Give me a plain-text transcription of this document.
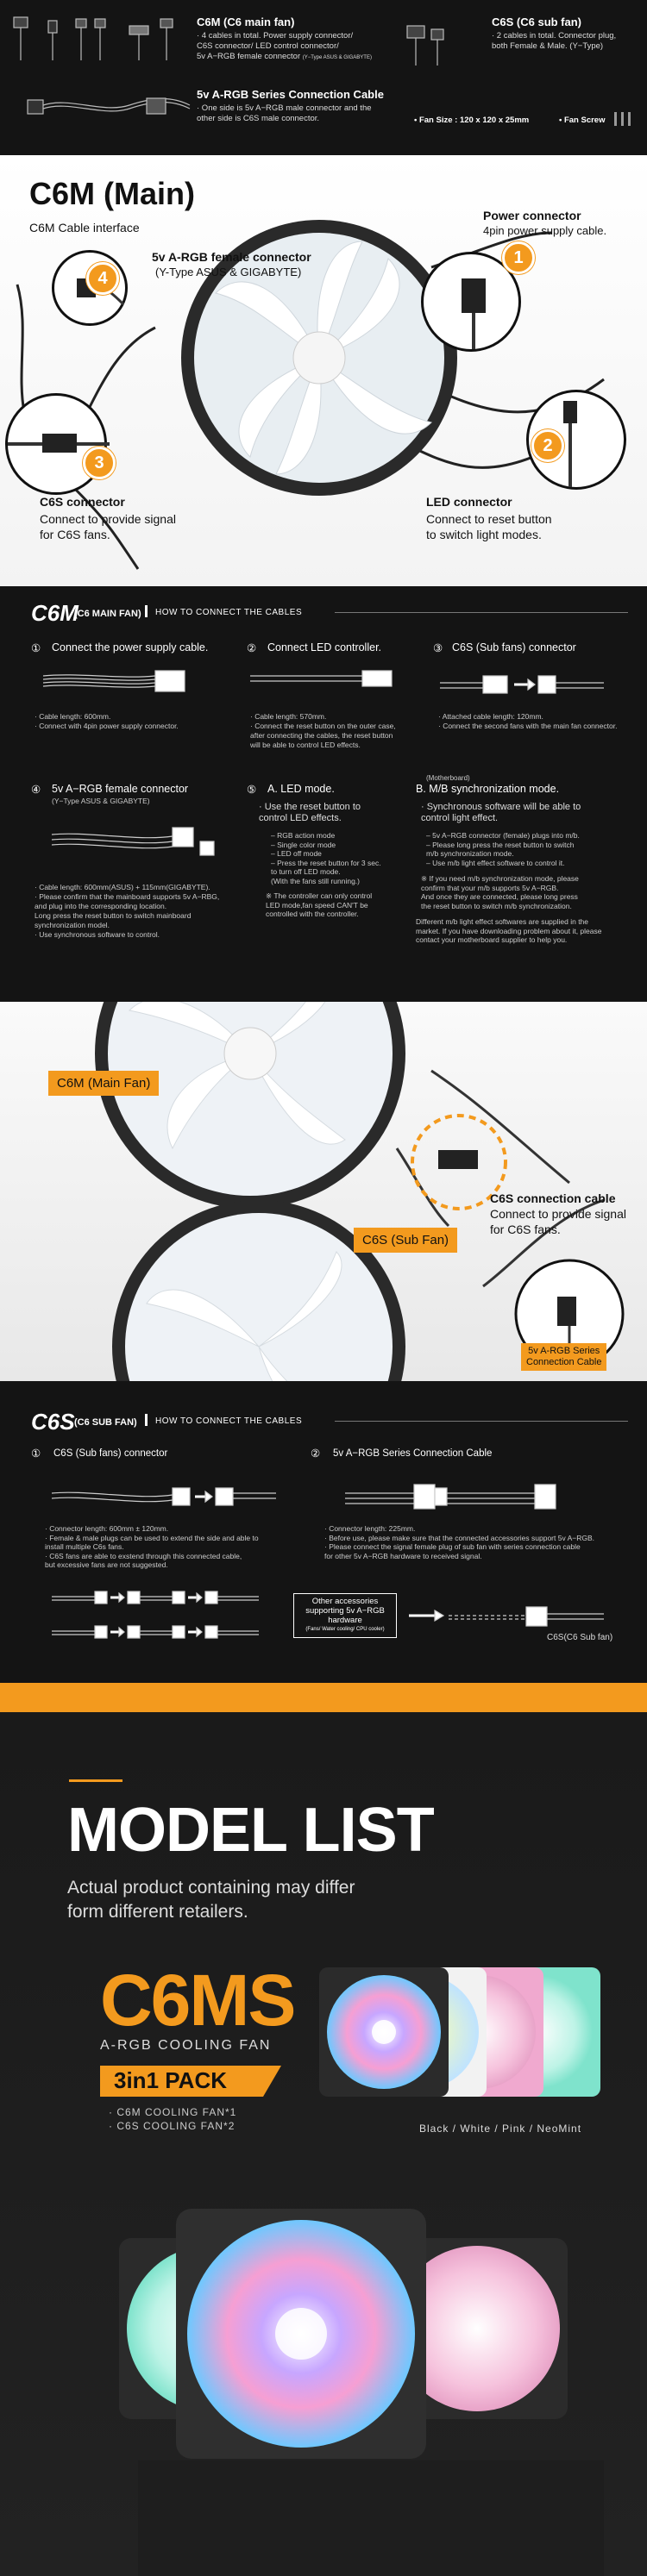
C6M (C6 main fan)
· 4 cables in total. Power supply connector/
C6S connector/ LED control connector/
5v A−RGB female connector (Y−Type ASUS & GIGABYTE)
C6S (C6 sub fan)
· 2 cables in total. Connector plug,
both Female & Male. (Y−Type)
5v A-RGB Series Connection Cable
· One side is 5v A−RGB male connector and the
other side is C6S male connector.	• Fan Size : 120 x 120 x 25mm	• Fan Screw
C6M (Main)
C6M Cable interface
4
5v A-RGB female connector
(Y-Type ASUS & GIGABYTE)
Power connector
4pin power supply cable.
1
3
C6S connector
Connect to provide signal
for C6S fans.
2
LED connector
Connect to reset button
to switch light modes.
C6M
(C6 MAIN FAN) HOW TO CONNECT THE CABLES
① Connect the power supply cable.
· Cable length: 600mm.
· Connect with 4pin power supply connector.
② Connect LED controller.
· Cable length: 570mm.
· Connect the reset button on the outer case,
after connecting the cables, the reset button
will be able to control LED effects.
③ C6S (Sub fans) connector
· Attached cable length: 120mm.
· Connect the second fans with the main fan connector.
④ 5v A−RGB female connector
(Y−Type ASUS & GIGABYTE)
· Cable length: 600mm(ASUS) + 115mm(GIGABYTE).
· Please confirm that the mainboard supports 5v A−RBG,
and plug into the corresponding location.
Long press the reset button to switch mainboard
synchronization model.
· Use synchronous software to control.
⑤ A. LED mode.
· Use the reset button to
control LED effects.
– RGB action mode
– Single color mode
– LED off mode
– Press the reset button for 3 sec.
to turn off LED mode.
(With the fans still running.)
※ The controller can only control
LED mode,fan speed CAN'T be
controlled with the controller.
(Motherboard)
B. M/B synchronization mode.
· Synchronous software will be able to
control light effect.
– 5v A−RGB connector (female) plugs into m/b.
– Please long press the reset button to switch
m/b synchronization mode.
– Use m/b light effect software to control it.
※ If you need m/b synchronization mode, please
confirm that your m/b supports 5v A−RGB.
And once they are connected, please long press
the reset button to switch m/b synchronization.
Different m/b light effect softwares are supplied in the
market. If you have downloading problem about it, please
contact your motherboard supplier to help you.
C6M (Main Fan)
C6S (Sub Fan)
C6S connection cable
Connect to provide signal
for C6S fans.
5v A-RGB Series
Connection Cable
C6S (C6 SUB FAN) HOW TO CONNECT THE CABLES
① C6S (Sub fans) connector	② 5v A−RGB Series Connection Cable
· Connector length: 600mm ± 120mm.
· Female & male plugs can be used to extend the side and able to
install multiple C6s fans.
· C6S fans are able to exstend through this connected cable,
but excessive fans are not suggested.
· Connector length: 225mm.
· Before use, please make sure that the connected accessories support 5v A−RGB.
· Please connect the signal female plug of sub fan with series connection cable
for other 5v A−RGB hardware to received signal.
Other accessories
supporting 5v A−RGB
hardware
(Fans/ Water cooling/ CPU cooler)
C6S(C6 Sub fan)
MODEL LIST
Actual product containing may differ
form different retailers.
C6MS
A-RGB COOLING FAN
3in1 PACK
· C6M COOLING FAN*1
· C6S COOLING FAN*2	Black / White / Pink / NeoMint
